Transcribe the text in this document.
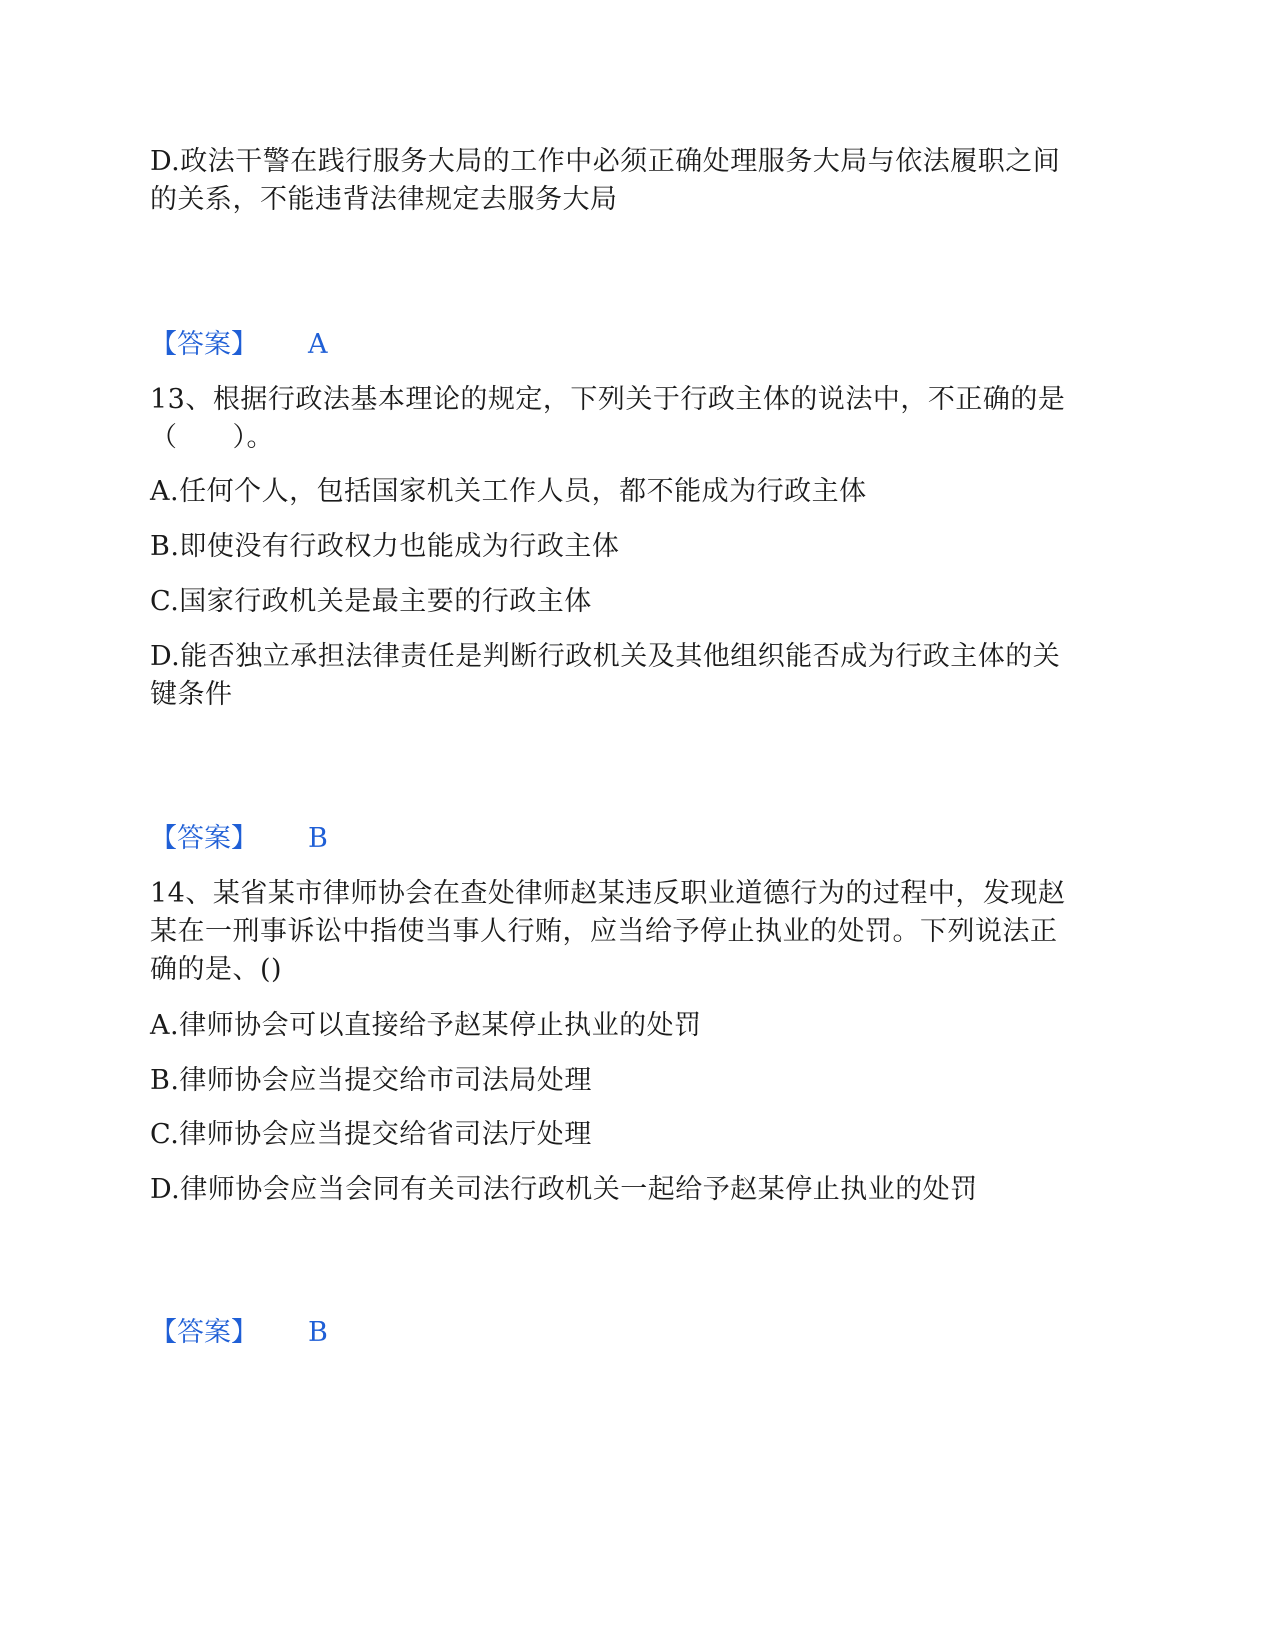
D.政法干警在践行服务大局的工作中必须正确处理服务大局与依法履职之间
的关系，不能违背法律规定去服务大局
【答案】 A
13、根据行政法基本理论的规定，下列关于行政主体的说法中，不正确的是
（　　）。
A.任何个人，包括国家机关工作人员，都不能成为行政主体
B.即使没有行政权力也能成为行政主体
C.国家行政机关是最主要的行政主体
D.能否独立承担法律责任是判断行政机关及其他组织能否成为行政主体的关
键条件
【答案】 B
14、某省某市律师协会在查处律师赵某违反职业道德行为的过程中，发现赵
某在一刑事诉讼中指使当事人行贿，应当给予停止执业的处罚。下列说法正
确的是、()
A.律师协会可以直接给予赵某停止执业的处罚
B.律师协会应当提交给市司法局处理
C.律师协会应当提交给省司法厅处理
D.律师协会应当会同有关司法行政机关一起给予赵某停止执业的处罚
【答案】 B
